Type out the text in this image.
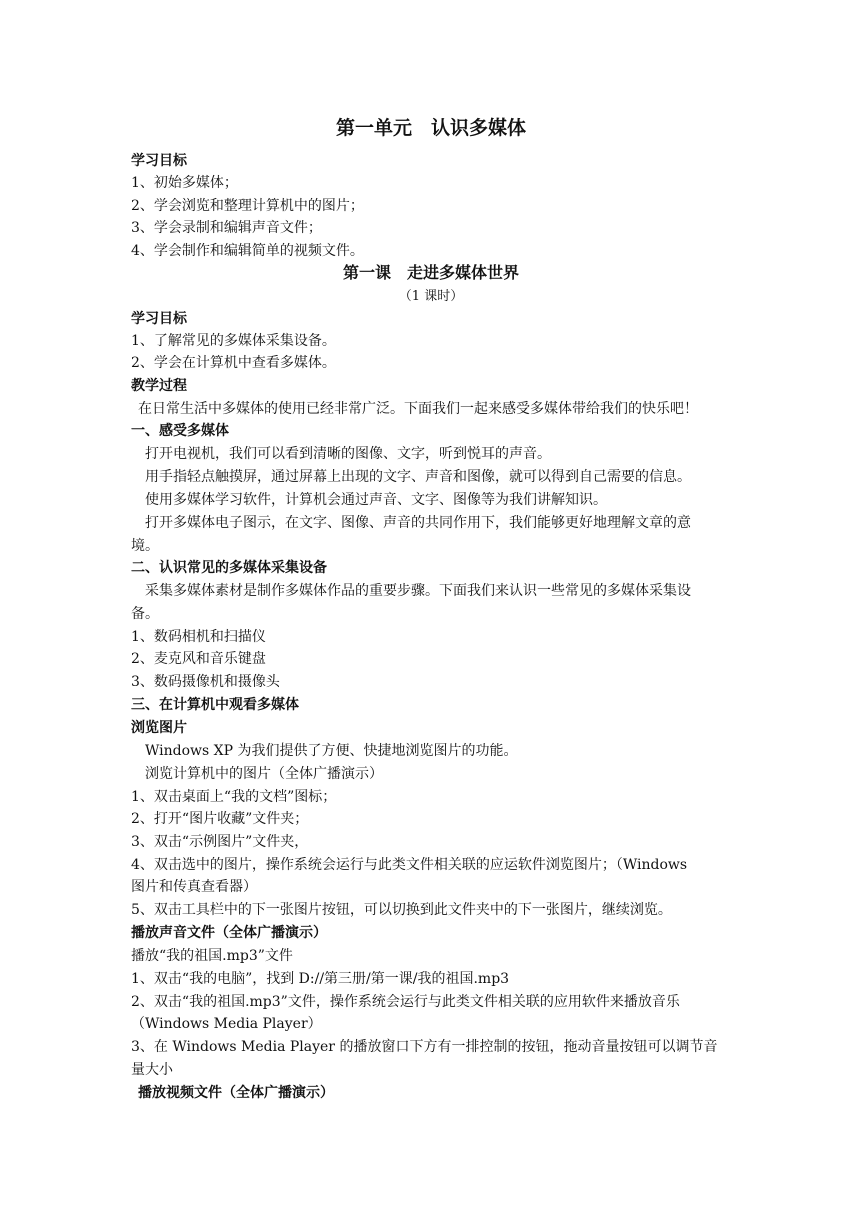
第一单元　认识多媒体
学习目标
1、初始多媒体；
2、学会浏览和整理计算机中的图片；
3、学会录制和编辑声音文件；
4、学会制作和编辑简单的视频文件。
第一课　走进多媒体世界
（1 课时）
学习目标
1、了解常见的多媒体采集设备。
2、学会在计算机中查看多媒体。
教学过程
在日常生活中多媒体的使用已经非常广泛。下面我们一起来感受多媒体带给我们的快乐吧！
一、感受多媒体
打开电视机，我们可以看到清晰的图像、文字，听到悦耳的声音。
用手指轻点触摸屏，通过屏幕上出现的文字、声音和图像，就可以得到自己需要的信息。
使用多媒体学习软件，计算机会通过声音、文字、图像等为我们讲解知识。
打开多媒体电子图示，在文字、图像、声音的共同作用下，我们能够更好地理解文章的意
境。
二、认识常见的多媒体采集设备
采集多媒体素材是制作多媒体作品的重要步骤。下面我们来认识一些常见的多媒体采集设
备。
1、数码相机和扫描仪
2、麦克风和音乐键盘
3、数码摄像机和摄像头
三、在计算机中观看多媒体
浏览图片
Windows XP 为我们提供了方便、快捷地浏览图片的功能。
浏览计算机中的图片（全体广播演示）
1、双击桌面上“我的文档”图标；
2、打开“图片收藏”文件夹；
3、双击“示例图片”文件夹，
4、双击选中的图片，操作系统会运行与此类文件相关联的应运软件浏览图片；（Windows
图片和传真查看器）
5、双击工具栏中的下一张图片按钮，可以切换到此文件夹中的下一张图片，继续浏览。
播放声音文件（全体广播演示）
播放“我的祖国.mp3”文件
1、双击“我的电脑”，找到 D://第三册/第一课/我的祖国.mp3
2、双击“我的祖国.mp3”文件，操作系统会运行与此类文件相关联的应用软件来播放音乐
（Windows Media Player）
3、在 Windows Media Player 的播放窗口下方有一排控制的按钮，拖动音量按钮可以调节音
量大小
播放视频文件（全体广播演示）
